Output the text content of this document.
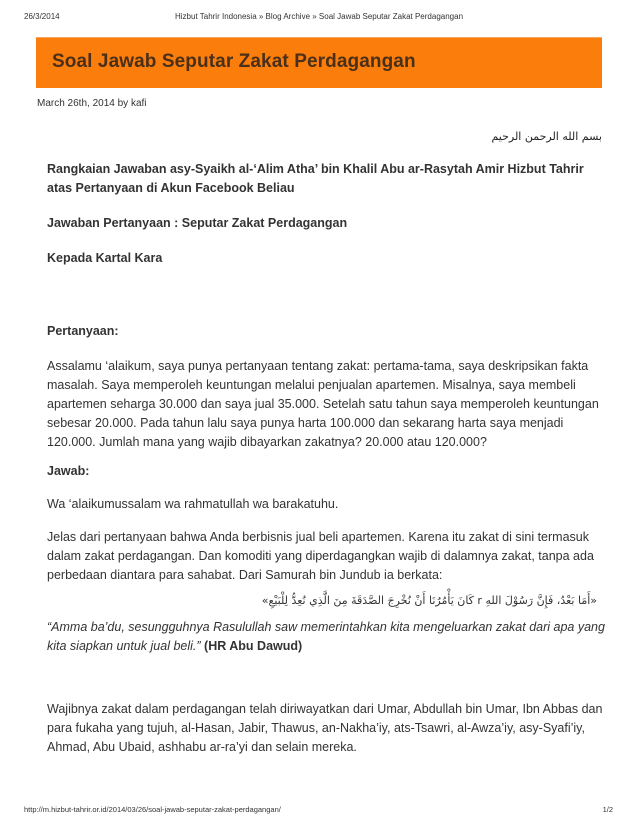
26/3/2014	Hizbut Tahrir Indonesia » Blog Archive » Soal Jawab Seputar Zakat Perdagangan
Soal Jawab Seputar Zakat Perdagangan
March 26th, 2014 by kafi
بسم الله الرحمن الرحيم

Rangkaian Jawaban asy-Syaikh al-‘Alim Atha’ bin Khalil Abu ar-Rasytah Amir Hizbut Tahrir atas Pertanyaan di Akun Facebook Beliau

Jawaban Pertanyaan : Seputar Zakat Perdagangan

Kepada Kartal Kara

Pertanyaan:

Assalamu ‘alaikum, saya punya pertanyaan tentang zakat: pertama-tama, saya deskripsikan fakta masalah. Saya memperoleh keuntungan melalui penjualan apartemen. Misalnya, saya membeli apartemen seharga 30.000 dan saya jual 35.000. Setelah satu tahun saya memperoleh keuntungan sebesar 20.000. Pada tahun lalu saya punya harta 100.000 dan sekarang harta saya menjadi 120.000. Jumlah mana yang wajib dibayarkan zakatnya? 20.000 atau 120.000?

Jawab:

Wa ‘alaikumussalam wa rahmatullah wa barakatuhu.

Jelas dari pertanyaan bahwa Anda berbisnis jual beli apartemen. Karena itu zakat di sini termasuk dalam zakat perdagangan. Dan komoditi yang diperdagangkan wajib di dalamnya zakat, tanpa ada perbedaan diantara para sahabat. Dari Samurah bin Jundub ia berkata:

«أَمَا بَعْدُ، فَإِنَّ رَسُوْلَ اللهِ r كَانَ يَأْمُرُنَا أَنْ نُخْرِجَ الصَّدَقَةَ مِنَ الَّذِي نُعِدُّ لِلْبَيْعِ»

“Amma ba’du, sesungguhnya Rasulullah saw memerintahkan kita mengeluarkan zakat dari apa yang kita siapkan untuk jual beli.” (HR Abu Dawud)

Wajibnya zakat dalam perdagangan telah diriwayatkan dari Umar, Abdullah bin Umar, Ibn Abbas dan para fukaha yang tujuh, al-Hasan, Jabir, Thawus, an-Nakha’iy, ats-Tsawri, al-Awza’iy, asy-Syafi’iy, Ahmad, Abu Ubaid, ashhabu ar-ra’yi dan selain mereka.

http://m.hizbut-tahrir.or.id/2014/03/26/soal-jawab-seputar-zakat-perdagangan/	1/2
